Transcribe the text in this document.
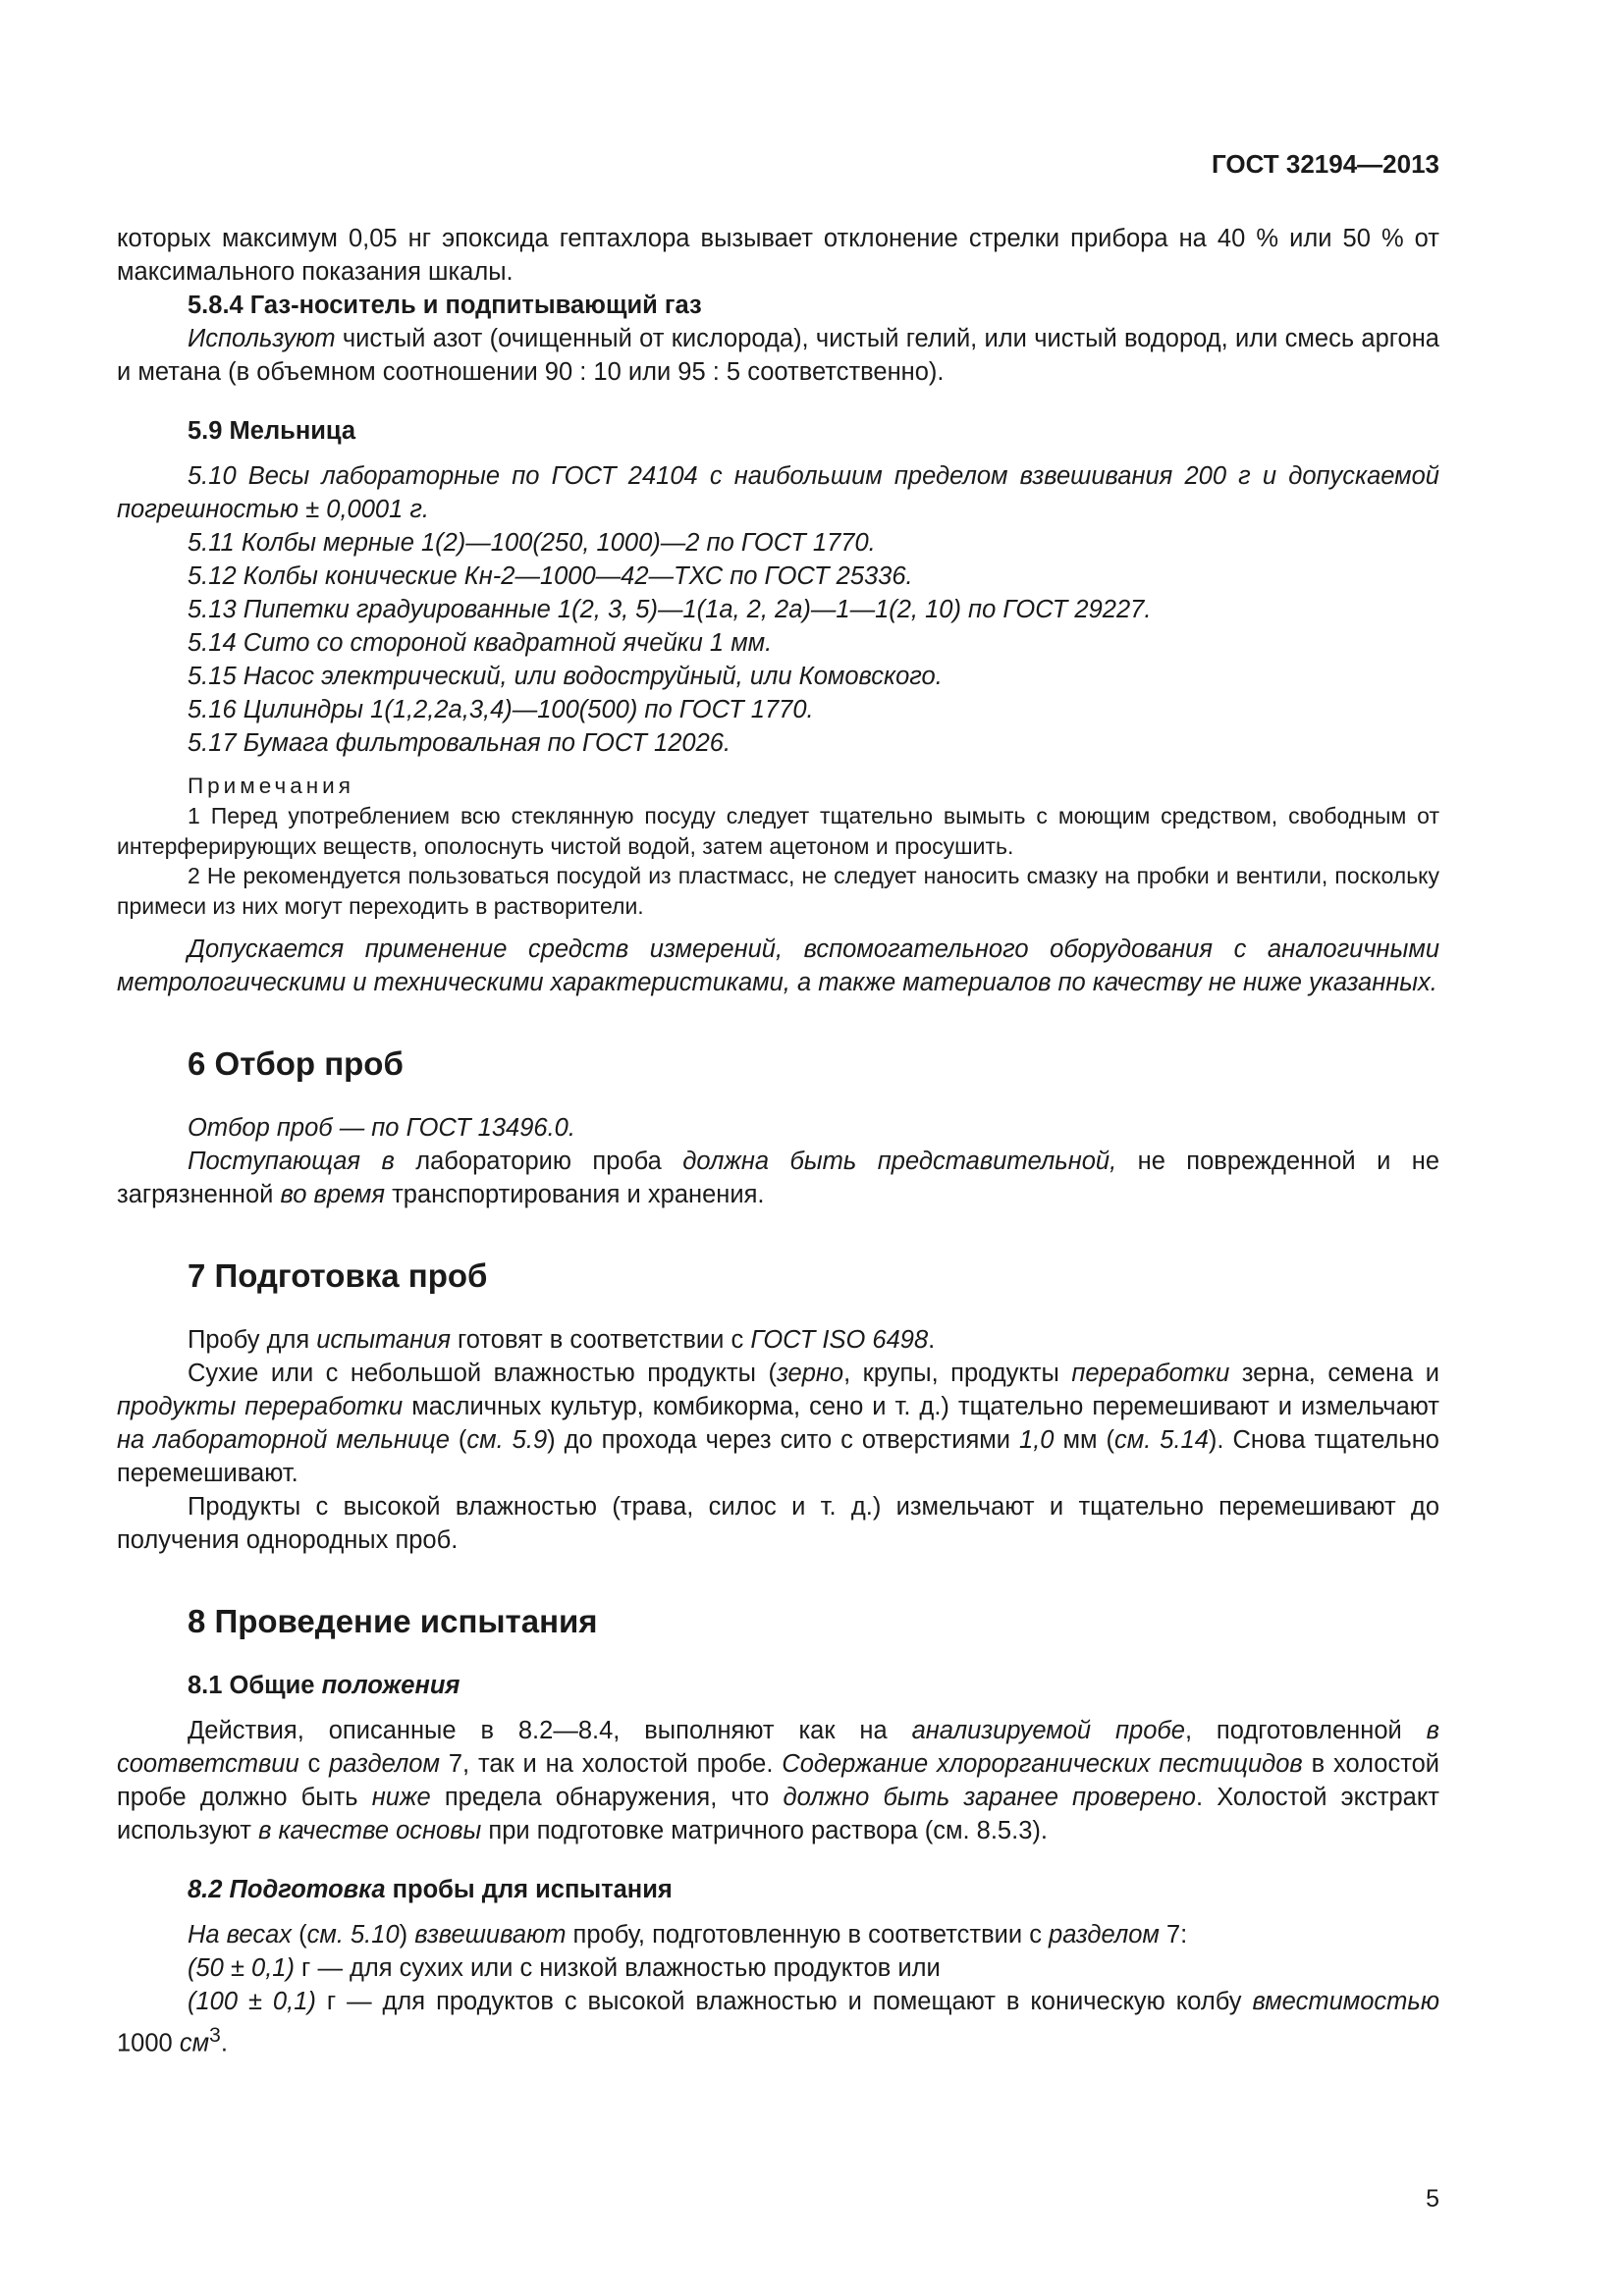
ГОСТ 32194—2013

которых максимум 0,05 нг эпоксида гептахлора вызывает отклонение стрелки прибора на 40 % или 50 % от максимального показания шкалы.

5.8.4 Газ-носитель и подпитывающий газ

Используют чистый азот (очищенный от кислорода), чистый гелий, или чистый водород, или смесь аргона и метана (в объемном соотношении 90 : 10 или 95 : 5 соответственно).

5.9 Мельница

5.10 Весы лабораторные по ГОСТ 24104 с наибольшим пределом взвешивания 200 г и допускаемой погрешностью ± 0,0001 г.

5.11 Колбы мерные 1(2)—100(250, 1000)—2 по ГОСТ 1770.

5.12 Колбы конические Кн-2—1000—42—ТХС по ГОСТ 25336.

5.13 Пипетки градуированные 1(2, 3, 5)—1(1а, 2, 2а)—1—1(2, 10) по ГОСТ 29227.

5.14 Сито со стороной квадратной ячейки 1 мм.

5.15 Насос электрический, или водоструйный, или Комовского.

5.16 Цилиндры 1(1,2,2а,3,4)—100(500) по ГОСТ 1770.

5.17 Бумага фильтровальная по ГОСТ 12026.

Примечания

1 Перед употреблением всю стеклянную посуду следует тщательно вымыть с моющим средством, свободным от интерферирующих веществ, ополоснуть чистой водой, затем ацетоном и просушить.

2 Не рекомендуется пользоваться посудой из пластмасс, не следует наносить смазку на пробки и вентили, поскольку примеси из них могут переходить в растворители.

Допускается применение средств измерений, вспомогательного оборудования с аналогичными метрологическими и техническими характеристиками, а также материалов по качеству не ниже указанных.

6 Отбор проб

Отбор проб — по ГОСТ 13496.0.

Поступающая в лабораторию проба должна быть представительной, не поврежденной и не загрязненной во время транспортирования и хранения.

7 Подготовка проб

Пробу для испытания готовят в соответствии с ГОСТ ISO 6498.

Сухие или с небольшой влажностью продукты (зерно, крупы, продукты переработки зерна, семена и продукты переработки масличных культур, комбикорма, сено и т. д.) тщательно перемешивают и измельчают на лабораторной мельнице (см. 5.9) до прохода через сито с отверстиями 1,0 мм (см. 5.14). Снова тщательно перемешивают.

Продукты с высокой влажностью (трава, силос и т. д.) измельчают и тщательно перемешивают до получения однородных проб.

8 Проведение испытания

8.1 Общие положения

Действия, описанные в 8.2—8.4, выполняют как на анализируемой пробе, подготовленной в соответствии с разделом 7, так и на холостой пробе. Содержание хлорорганических пестицидов в холостой пробе должно быть ниже предела обнаружения, что должно быть заранее проверено. Холостой экстракт используют в качестве основы при подготовке матричного раствора (см. 8.5.3).

8.2 Подготовка пробы для испытания

На весах (см. 5.10) взвешивают пробу, подготовленную в соответствии с разделом 7:

(50 ± 0,1) г — для сухих или с низкой влажностью продуктов или

(100 ± 0,1) г — для продуктов с высокой влажностью и помещают в коническую колбу вместимостью 1000 $см^3$.

5
